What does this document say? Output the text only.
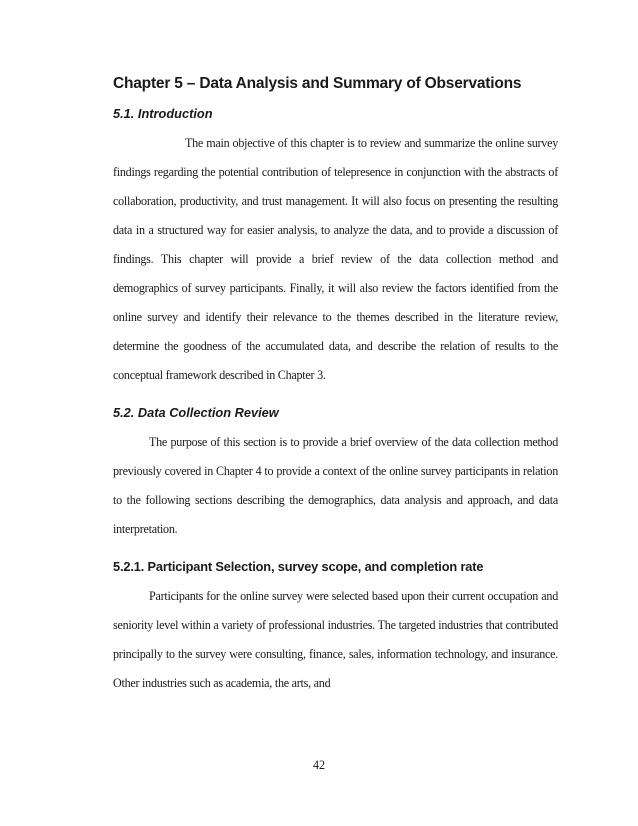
Chapter 5 – Data Analysis and Summary of Observations
5.1. Introduction

The main objective of this chapter is to review and summarize the online survey findings regarding the potential contribution of telepresence in conjunction with the abstracts of collaboration, productivity, and trust management. It will also focus on presenting the resulting data in a structured way for easier analysis, to analyze the data, and to provide a discussion of findings. This chapter will provide a brief review of the data collection method and demographics of survey participants. Finally, it will also review the factors identified from the online survey and identify their relevance to the themes described in the literature review, determine the goodness of the accumulated data, and describe the relation of results to the conceptual framework described in Chapter 3.

5.2. Data Collection Review

The purpose of this section is to provide a brief overview of the data collection method previously covered in Chapter 4 to provide a context of the online survey participants in relation to the following sections describing the demographics, data analysis and approach, and data interpretation.

5.2.1. Participant Selection, survey scope, and completion rate

Participants for the online survey were selected based upon their current occupation and seniority level within a variety of professional industries. The targeted industries that contributed principally to the survey were consulting, finance, sales, information technology, and insurance. Other industries such as academia, the arts, and

42
